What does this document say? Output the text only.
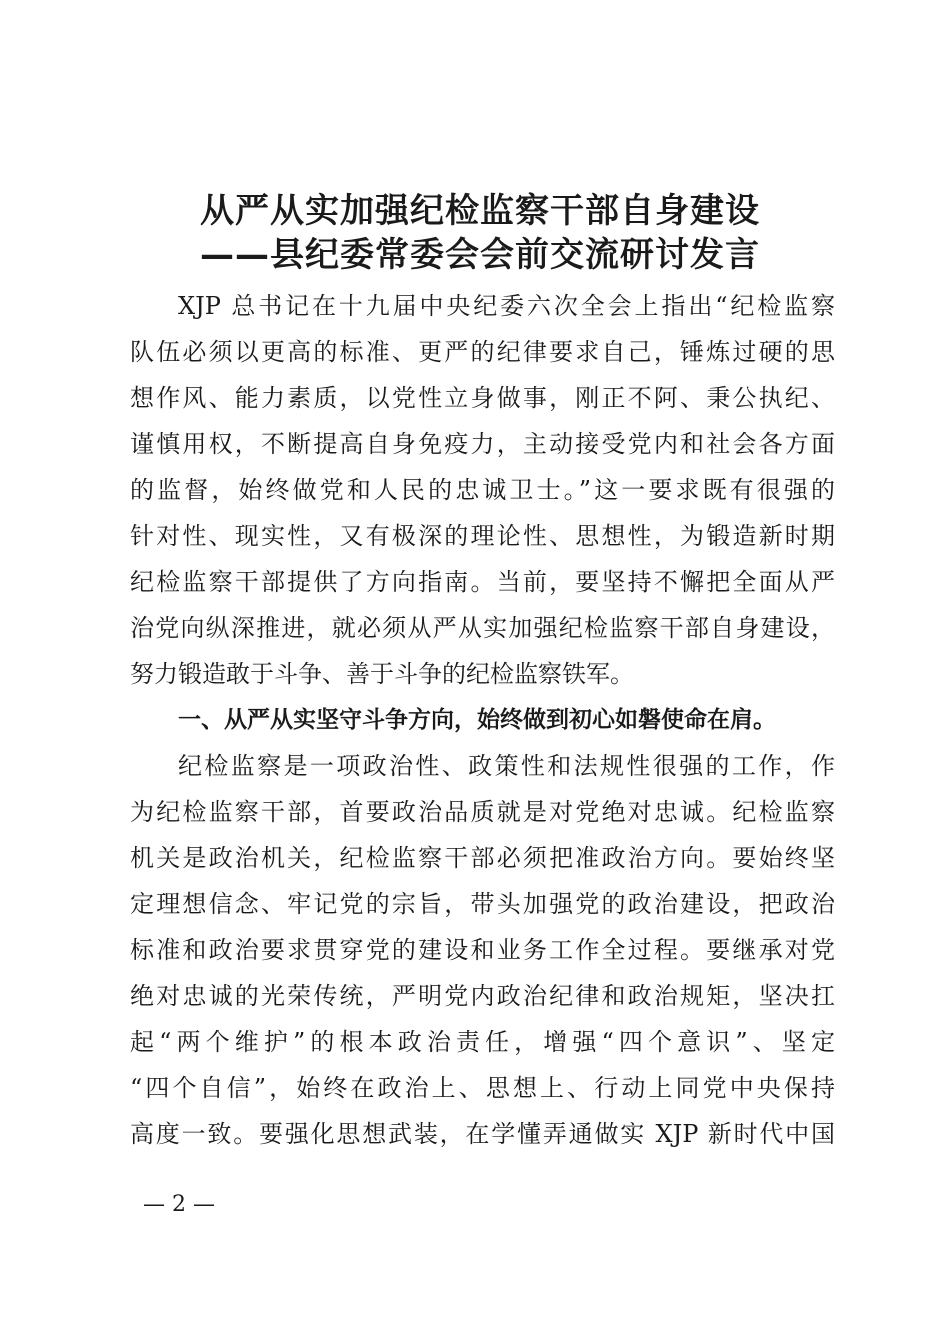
从严从实加强纪检监察干部自身建设
——县纪委常委会会前交流研讨发言
XJP 总书记在十九届中央纪委六次全会上指出“纪检监察
队伍必须以更高的标准、更严的纪律要求自己，锤炼过硬的思
想作风、能力素质，以党性立身做事，刚正不阿、秉公执纪、
谨慎用权，不断提高自身免疫力，主动接受党内和社会各方面
的监督，始终做党和人民的忠诚卫士。”这一要求既有很强的
针对性、现实性，又有极深的理论性、思想性，为锻造新时期
纪检监察干部提供了方向指南。当前，要坚持不懈把全面从严
治党向纵深推进，就必须从严从实加强纪检监察干部自身建设，
努力锻造敢于斗争、善于斗争的纪检监察铁军。
一、从严从实坚守斗争方向，始终做到初心如磐使命在肩。
纪检监察是一项政治性、政策性和法规性很强的工作，作
为纪检监察干部，首要政治品质就是对党绝对忠诚。纪检监察
机关是政治机关，纪检监察干部必须把准政治方向。要始终坚
定理想信念、牢记党的宗旨，带头加强党的政治建设，把政治
标准和政治要求贯穿党的建设和业务工作全过程。要继承对党
绝对忠诚的光荣传统，严明党内政治纪律和政治规矩，坚决扛
起“两个维护”的根本政治责任，增强“四个意识”、坚定
“四个自信”，始终在政治上、思想上、行动上同党中央保持
高度一致。要强化思想武装，在学懂弄通做实 XJP 新时代中国
— 2 —
